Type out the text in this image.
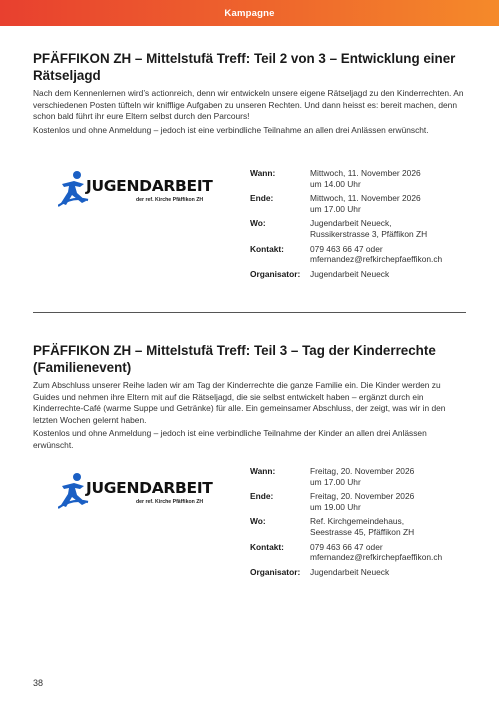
Kampagne
PFÄFFIKON ZH – Mittelstufä Treff: Teil 2 von 3 – Entwicklung einer Rätseljagd

Nach dem Kennenlernen wird’s actionreich, denn wir entwickeln unsere eigene Rätseljagd zu den Kinderrechten. An verschiedenen Posten tüfteln wir knifflige Aufgaben zu unseren Rechten. Und dann heisst es: bereit machen, denn schon bald führt ihr eure Eltern selbst durch den Parcours!

Kostenlos und ohne Anmeldung – jedoch ist eine verbindliche Teilnahme an allen drei Anlässen erwünscht.

JUGENDARBEIT
der ref. Kirche Pfäffikon ZH
Wann:	Mittwoch, 11. November 2026
um 14.00 Uhr
Ende:	Mittwoch, 11. November 2026
um 17.00 Uhr
Wo:	Jugendarbeit Neueck,
Russikerstrasse 3, Pfäffikon ZH
Kontakt:	079 463 66 47 oder
mfernandez@refkirchepfaeffikon.ch
Organisator:	Jugendarbeit Neueck
PFÄFFIKON ZH – Mittelstufä Treff: Teil 3 – Tag der Kinderrechte (Familienevent)

Zum Abschluss unserer Reihe laden wir am Tag der Kinderrechte die ganze Familie ein. Die Kinder werden zu Guides und nehmen ihre Eltern mit auf die Rätseljagd, die sie selbst entwickelt haben – ergänzt durch ein Kinderrechte-Café (warme Suppe und Getränke) für alle. Ein gemeinsamer Abschluss, der zeigt, was wir in den letzten Wochen gelernt haben.

Kostenlos und ohne Anmeldung – jedoch ist eine verbindliche Teilnahme der Kinder an allen drei Anlässen erwünscht.

JUGENDARBEIT
der ref. Kirche Pfäffikon ZH
Wann:	Freitag, 20. November 2026
um 17.00 Uhr
Ende:	Freitag, 20. November 2026
um 19.00 Uhr
Wo:	Ref. Kirchgemeindehaus,
Seestrasse 45, Pfäffikon ZH
Kontakt:	079 463 66 47 oder
mfernandez@refkirchepfaeffikon.ch
Organisator:	Jugendarbeit Neueck
38
